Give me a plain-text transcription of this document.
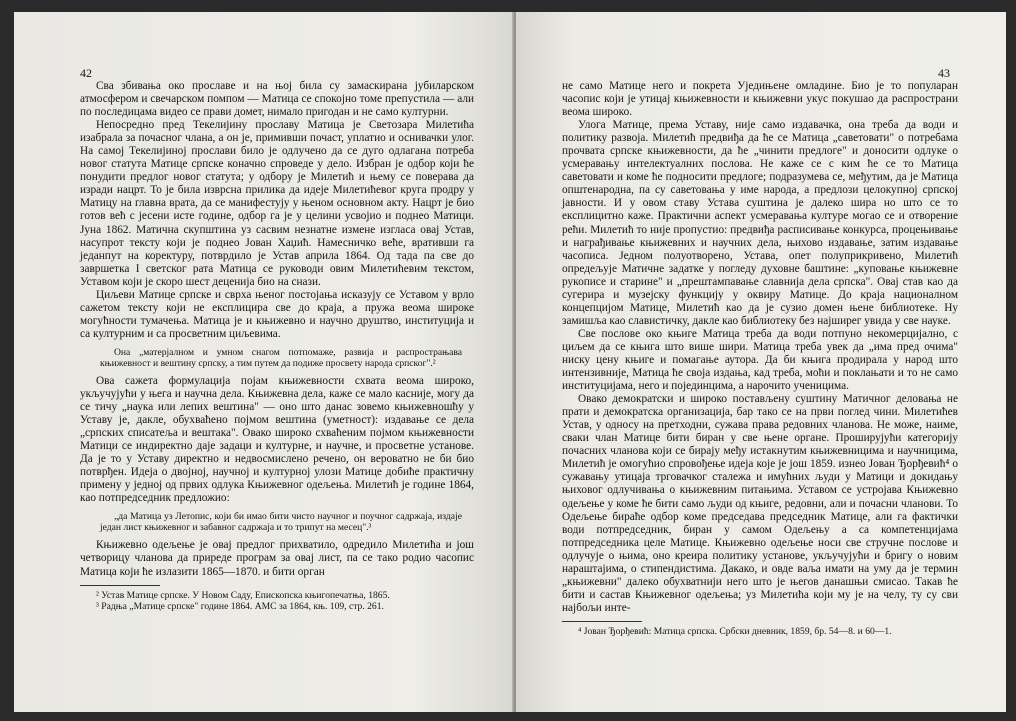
42

Сва збивања око прославе и на њој била су замаскирана јубиларском атмосфером и свечарском помпом — Матица се спокојно томе препустила — али по последицама видео се прави домет, нимало пригодан и не само културни.

Непосредно пред Текелијину прославу Матица је Светозара Милетића изабрала за почасног члана, а он је, примивши почаст, уплатио и оснивачки улог. На самој Текелијиној прослави било је одлучено да се дуго одлагана потреба новог статута Матице српске коначно спроведе у дело. Избран је одбор који ће понудити предлог новог статута; у одбору је Милетић и њему се поверава да изради нацрт. То је била изврсна прилика да идеје Милетићевог круга продру у Матицу на главна врата, да се манифестују у њеном основном акту. Нацрт је био готов већ с јесени исте године, одбор га је у целини усвојио и поднео Матици. Јуна 1862. Матична скупштина уз сасвим незнатне измене изгласа овај Устав, насупрот тексту који је поднео Јован Хаџић. Намесничко веће, вративши га једанпут на коректуру, потврдило је Устав априла 1864. Од тада па све до завршетка I светског рата Матица се руководи овим Милетићевим текстом, Уставом који је скоро шест деценија био на снази.

Циљеви Матице српске и сврха њеног постојања исказују се Уставом у врло сажетом тексту који не експлицира све до краја, а пружа веома широке могућности тумачења. Матица је и књижевно и научно друштво, институција и са културним и са просветним циљевима.

Она „матерјалном и умном снагом потпомаже, развија и распрострањава књижевност и вештину српску, а тим путем да подиже просвету народа српског".²

Ова сажета формулација појам књижевности схвата веома широко, укључујући у њега и научна дела. Књижевна дела, каже се мало касније, могу да се тичу „наука или лепих вештина" — оно што данас зовемо књижевношћу у Уставу је, дакле, обухваћено појмом вештина (уметност): издавање се дела „српских списатеља и вештака". Овако широко схваћеним појмом књижевности Матици се индиректно даје задаци и културне, и научне, и просветне установе. Да је то у Уставу директно и недвосмислено речено, он вероватно не би био потврђен. Идеја о двојној, научној и културној улози Матице добиће практичну примену у једној од првих одлука Књижевног одељења. Милетић је године 1864, као потпредседник предложио:

„да Матица уз Летопис, који би имао бити чисто научног и поучног садржаја, издаје један лист књижевног и забавног садржаја и то трипут на месец".³

Књижевно одељење је овај предлог прихватило, одредило Милетића и још четворицу чланова да приреде програм за овај лист, па се тако родио часопис Матица који ће излазити 1865—1870. и бити орган

² Устав Матице српске. У Новом Саду, Епископска књигопечатња, 1865.

³ Радња „Матице српске" године 1864. АМС за 1864, књ. 109, стр. 261.

43

не само Матице него и покрета Уједињене омладине. Био је то популаран часопис који је утицај књижевности и књижевни укус покушао да распространи веома широко.

Улога Матице, према Уставу, није само издавачка, она треба да води и политику развоја. Милетић предвиђа да ће се Матица „саветовати" о потребама прочвата српске књижевности, да ће „чинити предлоге" и доносити одлуке о усмеравању интелектуалних послова. Не каже се с ким ће се то Матица саветовати и коме ће подносити предлоге; подразумева се, међутим, да је Матица општенародна, па су саветовања у име народа, а предлози целокупној српској јавности. И у овом ставу Устава суштина је далеко шира но што се то експлицитно каже. Практични аспект усмеравања културе могао се и отворение рећи. Милетић то није пропустио: предвиђа расписивање конкурса, процењивање и награђивање књижевних и научних дела, њихово издавање, затим издавање часописа. Једном полуотворено, Устава, опет полуприкривено, Милетић опредељује Матичне задатке у погледу духовне баштине: „куповање књижевне рукописе и старине" и „прештампавање славнија дела српска". Овај став као да сугерира и музејску функцију у оквиру Матице. До краја националном концепцијом Матице, Милетић као да је сузио домен њене библиотеке. Ну замишља као славистичку, дакле као библиотеку без најширег увида у све науке.

Све послове око књиге Матица треба да води потпуно некомерцијално, с циљем да се књига што више шири. Матица треба увек да „има пред очима" ниску цену књиге и помагање аутора. Да би књига продирала у народ што интензивније, Матица ће своја издања, кад треба, моћи и поклањати и то не само институцијама, него и појединцима, а нарочито ученицима.

Овако демократски и широко постављену суштину Матичног деловања не прати и демократска организација, бар тако се на први поглед чини. Милетићев Устав, у односу на претходни, сужава права редовних чланова. Не може, наиме, сваки члан Матице бити биран у све њене органе. Проширујући категорију почасних чланова који се бирају међу истакнутим књижевницима и научницима, Милетић је омогућио спровођење идеја које је још 1859. изнео Јован Ђорђевић⁴ о сужавању утицаја трговачког сталежа и имућних људи у Матици и докидању њиховог одлучивања о књижевним питањима. Уставом се устројава Књижевно одељење у коме ће бити само људи од књиге, редовни, али и почасни чланови. То Одељење бираће одбор коме председава председник Матице, али га фактички води потпредседник, биран у самом Одељењу а са компетенцијама потпредседника целе Матице. Књижевно одељење носи све стручне послове и одлучује о њима, оно креира политику установе, укључујући и бригу о новим нараштајима, о стипендистима. Дакако, и овде ваља имати на уму да је термин „књижевни" далеко обухватнији него што је његов данашњи смисао. Такав ће бити и састав Књижевног одељења; уз Милетића који му је на челу, ту су сви најбољи инте-

⁴ Јован Ђорђевић: Матица српска. Србски дневник, 1859, бр. 54—8. и 60—1.
